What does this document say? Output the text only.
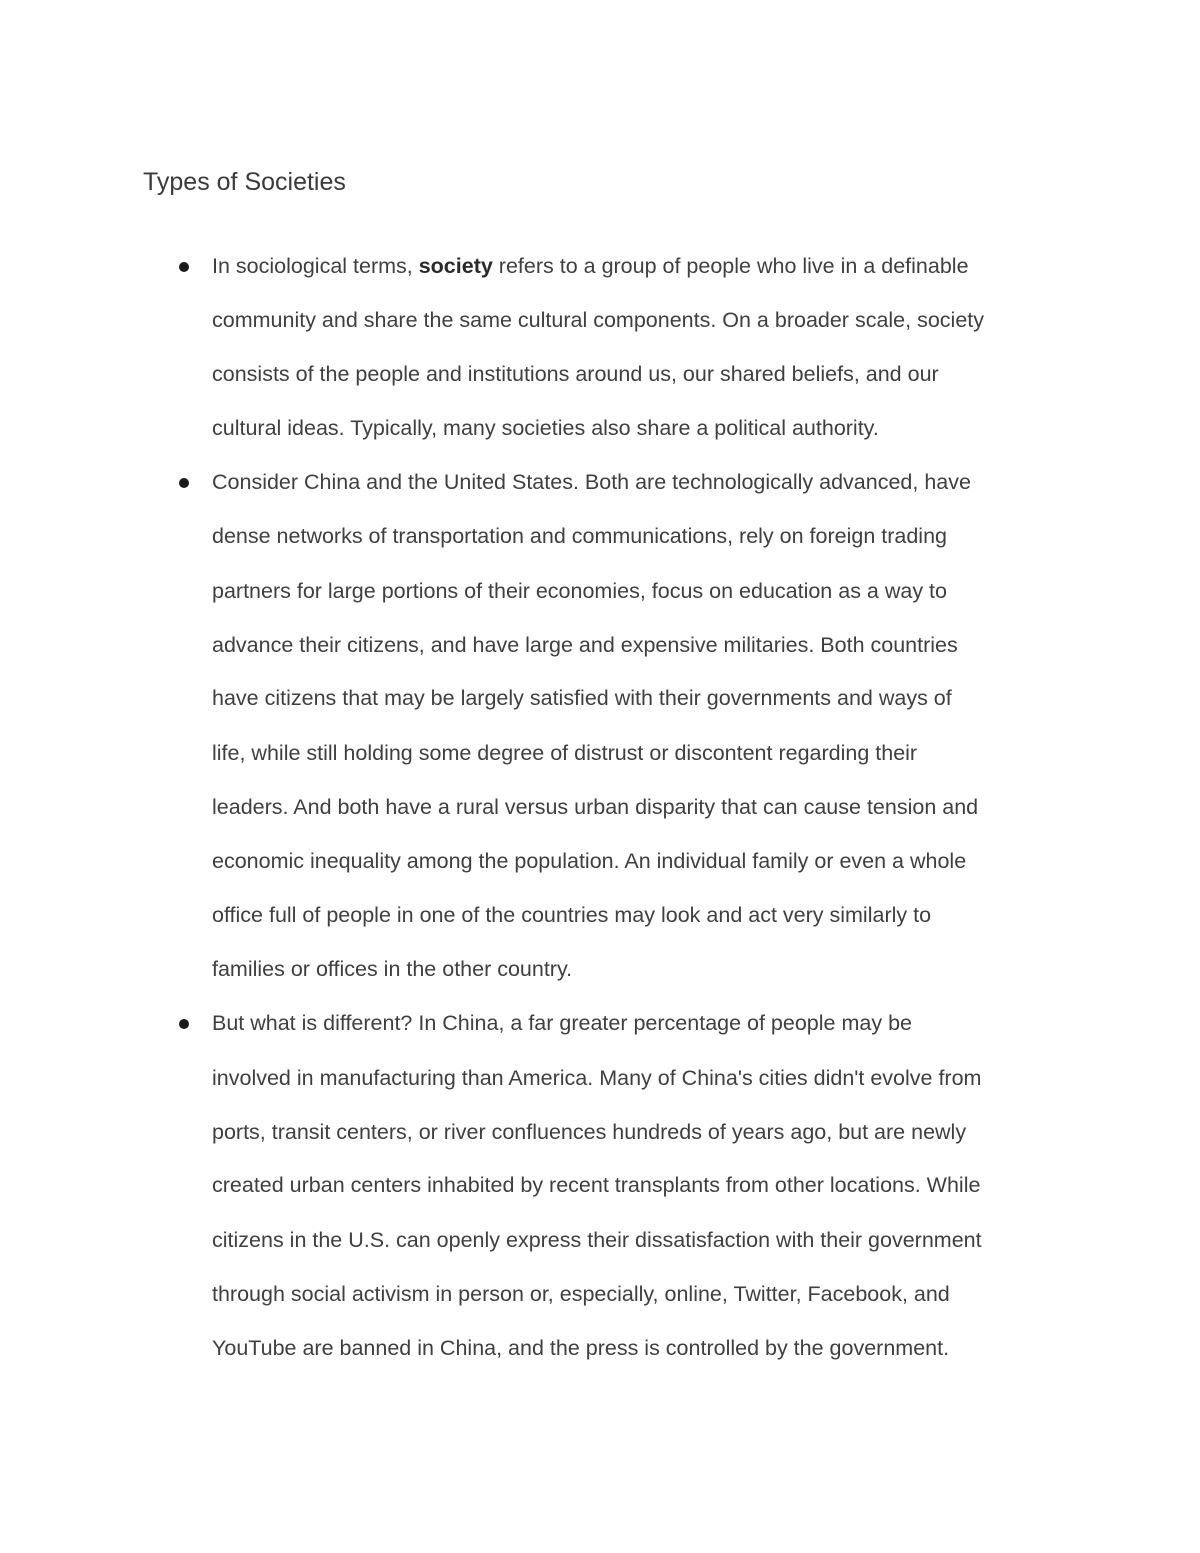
Types of Societies
In sociological terms, society refers to a group of people who live in a definable
community and share the same cultural components. On a broader scale, society
consists of the people and institutions around us, our shared beliefs, and our
cultural ideas. Typically, many societies also share a political authority.
Consider China and the United States. Both are technologically advanced, have
dense networks of transportation and communications, rely on foreign trading
partners for large portions of their economies, focus on education as a way to
advance their citizens, and have large and expensive militaries. Both countries
have citizens that may be largely satisfied with their governments and ways of
life, while still holding some degree of distrust or discontent regarding their
leaders. And both have a rural versus urban disparity that can cause tension and
economic inequality among the population. An individual family or even a whole
office full of people in one of the countries may look and act very similarly to
families or offices in the other country.
But what is different? In China, a far greater percentage of people may be
involved in manufacturing than America. Many of China's cities didn't evolve from
ports, transit centers, or river confluences hundreds of years ago, but are newly
created urban centers inhabited by recent transplants from other locations. While
citizens in the U.S. can openly express their dissatisfaction with their government
through social activism in person or, especially, online, Twitter, Facebook, and
YouTube are banned in China, and the press is controlled by the government.
